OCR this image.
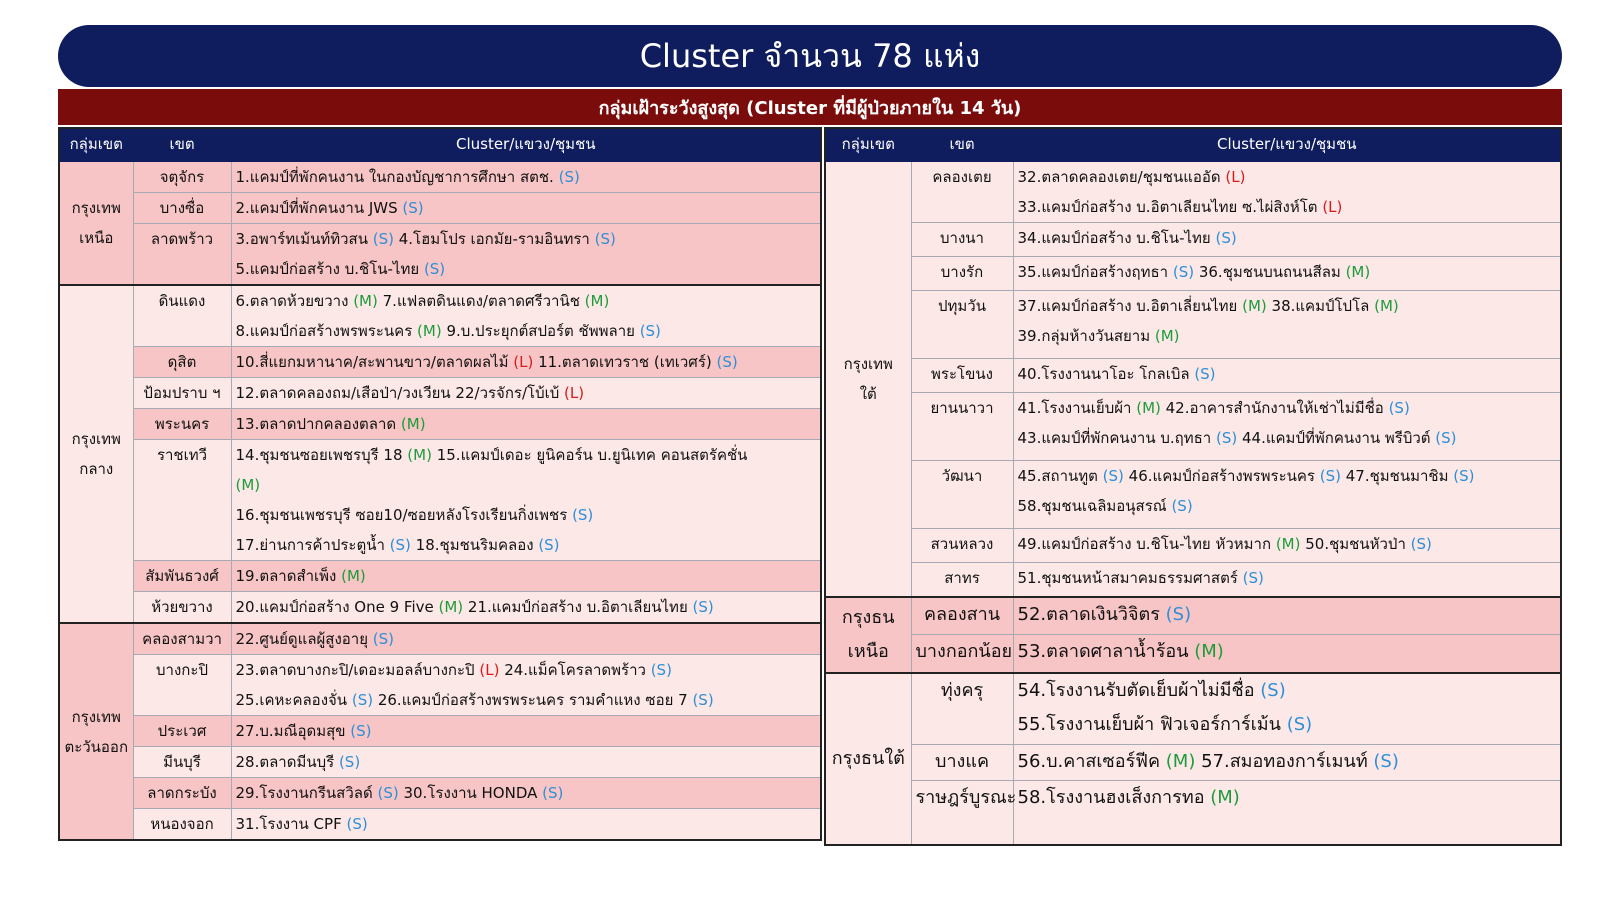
Cluster จำนวน 78 แห่ง
กลุ่มเฝ้าระวังสูงสุด (Cluster ที่มีผู้ป่วยภายใน 14 วัน)
กลุ่มเขต	เขต	Cluster/แขวง/ชุมชน

กรุงเทพ
เหนือ	จตุจักร	1.แคมป์ที่พักคนงาน ในกองบัญชาการศึกษา สตช. (S)

	บางซื่อ	2.แคมป์ที่พักคนงาน JWS (S)

	ลาดพร้าว	3.อพาร์ทเม้นท์ทิวสน (S) 4.โฮมโปร เอกมัย-รามอินทรา (S)
5.แคมป์ก่อสร้าง บ.ชิโน-ไทย (S)

กรุงเทพ
กลาง	ดินแดง	6.ตลาดห้วยขวาง (M) 7.แฟลตดินแดง/ตลาดศรีวานิช (M)
8.แคมป์ก่อสร้างพรพระนคร (M) 9.บ.ประยุกต์สปอร์ต ชัพพลาย (S)

	ดุสิต	10.สี่แยกมหานาค/สะพานขาว/ตลาดผลไม้ (L) 11.ตลาดเทวราช (เทเวศร์) (S)

	ป้อมปราบ ฯ	12.ตลาดคลองถม/เสือป่า/วงเวียน 22/วรจักร/โบ้เบ้ (L)

	พระนคร	13.ตลาดปากคลองตลาด (M)

	ราชเทวี	14.ชุมชนซอยเพชรบุรี 18 (M) 15.แคมป์เดอะ ยูนิคอร์น บ.ยูนิเทค คอนสตรัคชั่น
(M)
16.ชุมชนเพชรบุรี ซอย10/ซอยหลังโรงเรียนกิ่งเพชร (S)
17.ย่านการค้าประตูน้ำ (S) 18.ชุมชนริมคลอง (S)

	สัมพันธวงศ์	19.ตลาดสำเพ็ง (M)

	ห้วยขวาง	20.แคมป์ก่อสร้าง One 9 Five (M) 21.แคมป์ก่อสร้าง บ.อิตาเลียนไทย (S)

กรุงเทพ
ตะวันออก	คลองสามวา	22.ศูนย์ดูแลผู้สูงอายุ (S)

	บางกะปิ	23.ตลาดบางกะปิ/เดอะมอลล์บางกะปิ (L) 24.แม็คโครลาดพร้าว (S)
25.เคหะคลองจั่น (S) 26.แคมป์ก่อสร้างพรพระนคร รามคำแหง ซอย 7 (S)

	ประเวศ	27.บ.มณีอุดมสุข (S)

	มีนบุรี	28.ตลาดมีนบุรี (S)

	ลาดกระบัง	29.โรงงานกรีนสวิลด์ (S) 30.โรงงาน HONDA (S)

	หนองจอก	31.โรงงาน CPF (S)
กลุ่มเขต	เขต	Cluster/แขวง/ชุมชน

กรุงเทพ
ใต้	คลองเตย	32.ตลาดคลองเตย/ชุมชนแออัด (L)
33.แคมป์ก่อสร้าง บ.อิตาเลียนไทย ซ.ไผ่สิงห์โต (L)

	บางนา	34.แคมป์ก่อสร้าง บ.ชิโน-ไทย (S)

	บางรัก	35.แคมป์ก่อสร้างฤทธา (S) 36.ชุมชนบนถนนสีลม (M)

	ปทุมวัน	37.แคมป์ก่อสร้าง บ.อิตาเลี่ยนไทย (M) 38.แคมป์โปโล (M)
39.กลุ่มห้างวันสยาม (M)

	พระโขนง	40.โรงงานนาโอะ โกลเบิล (S)

	ยานนาวา	41.โรงงานเย็บผ้า (M) 42.อาคารสำนักงานให้เช่าไม่มีชื่อ (S)
43.แคมป์ที่พักคนงาน บ.ฤทธา (S) 44.แคมป์ที่พักคนงาน พรีบิวต์ (S)

	วัฒนา	45.สถานทูต (S) 46.แคมป์ก่อสร้างพรพระนคร (S) 47.ชุมชนมาชิม (S)
58.ชุมชนเฉลิมอนุสรณ์ (S)

	สวนหลวง	49.แคมป์ก่อสร้าง บ.ชิโน-ไทย หัวหมาก (M) 50.ชุมชนหัวป่า (S)

	สาทร	51.ชุมชนหน้าสมาคมธรรมศาสตร์ (S)

กรุงธน
เหนือ	คลองสาน	52.ตลาดเงินวิจิตร (S)

	บางกอกน้อย	53.ตลาดศาลาน้ำร้อน (M)

กรุงธนใต้	ทุ่งครุ	54.โรงงานรับตัดเย็บผ้าไม่มีชื่อ (S)
55.โรงงานเย็บผ้า ฟิวเจอร์การ์เม้น (S)

	บางแค	56.บ.คาสเซอร์ฟีค (M) 57.สมอทองการ์เมนท์ (S)

	ราษฎร์บูรณะ	58.โรงงานฮงเส็งการทอ (M)
